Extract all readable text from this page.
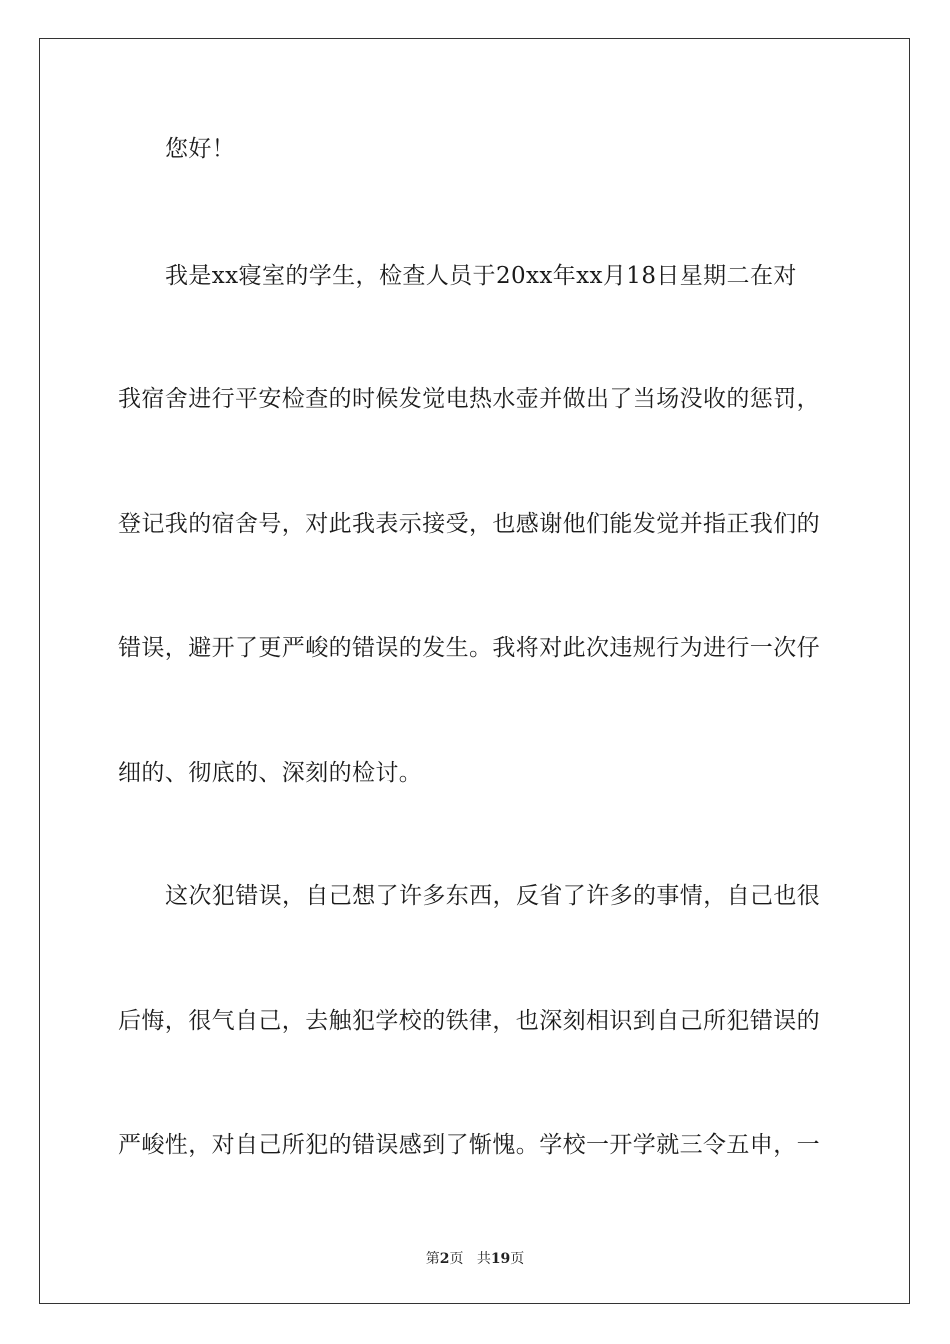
您好！
我是xx寝室的学生，检查人员于20xx年xx月18日星期二在对
我宿舍进行平安检查的时候发觉电热水壶并做出了当场没收的惩罚，
登记我的宿舍号，对此我表示接受，也感谢他们能发觉并指正我们的
错误，避开了更严峻的错误的发生。我将对此次违规行为进行一次仔
细的、彻底的、深刻的检讨。
这次犯错误，自己想了许多东西，反省了许多的事情，自己也很
后悔，很气自己，去触犯学校的铁律，也深刻相识到自己所犯错误的
严峻性，对自己所犯的错误感到了惭愧。学校一开学就三令五申，一
第2页 共19页
